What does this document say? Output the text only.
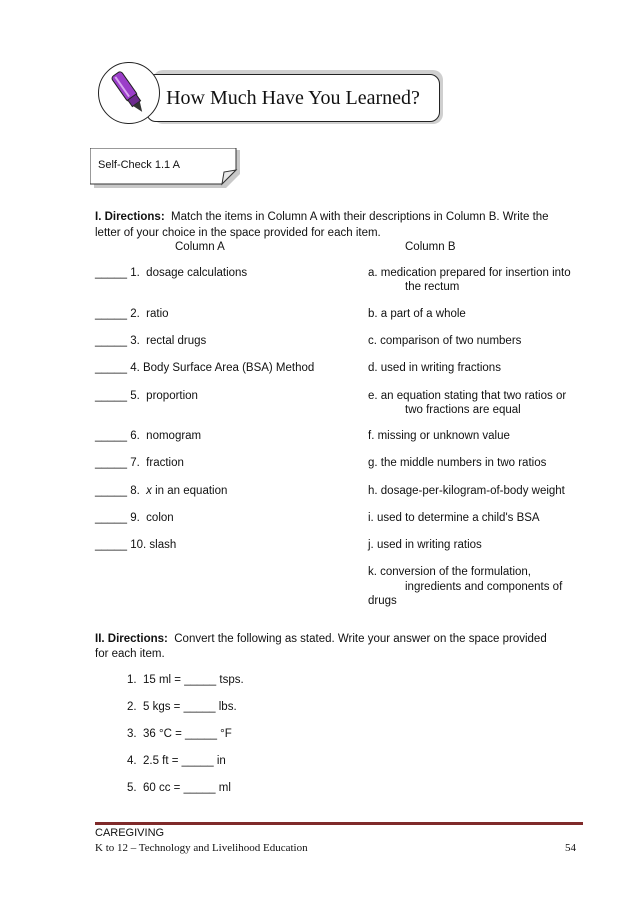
How Much Have You Learned?
Self-Check 1.1 A
I. Directions: Match the items in Column A with their descriptions in Column B. Write the
letter of your choice in the space provided for each item.
Column A	Column B
_____ 1. dosage calculations
_____ 2. ratio
_____ 3. rectal drugs
_____ 4. Body Surface Area (BSA) Method
_____ 5. proportion
_____ 6. nomogram
_____ 7. fraction
_____ 8. x in an equation
_____ 9. colon
_____ 10. slash
a. medication prepared for insertion into
the rectum
b. a part of a whole
c. comparison of two numbers
d. used in writing fractions
e. an equation stating that two ratios or
two fractions are equal
f. missing or unknown value
g. the middle numbers in two ratios
h. dosage-per-kilogram-of-body weight
i. used to determine a child's BSA
j. used in writing ratios
k. conversion of the formulation,
ingredients and components of
drugs
II. Directions: Convert the following as stated. Write your answer on the space provided
for each item.
1. 15 ml = _____ tsps.
2. 5 kgs = _____ lbs.
3. 36 °C = _____ °F
4. 2.5 ft = _____ in
5. 60 cc = _____ ml
CAREGIVING
K to 12 – Technology and Livelihood Education	54
